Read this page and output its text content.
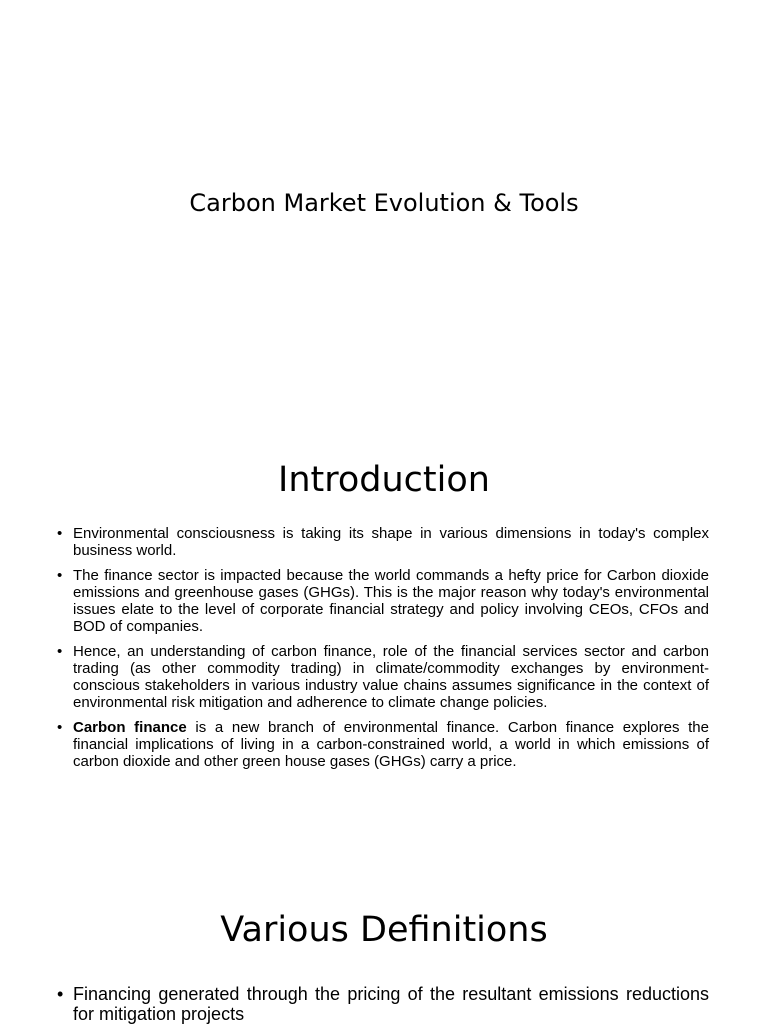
Carbon Market Evolution & Tools
Introduction
• Environmental consciousness is taking its shape in various dimensions in today's complex business world.
• The finance sector is impacted because the world commands a hefty price for Carbon dioxide emissions and greenhouse gases (GHGs). This is the major reason why today's environmental issues elate to the level of corporate financial strategy and policy involving CEOs, CFOs and BOD of companies.
• Hence, an understanding of carbon finance, role of the financial services sector and carbon trading (as other commodity trading) in climate/commodity exchanges by environment-conscious stakeholders in various industry value chains assumes significance in the context of environmental risk mitigation and adherence to climate change policies.
• Carbon finance is a new branch of environmental finance. Carbon finance explores the financial implications of living in a carbon-constrained world, a world in which emissions of carbon dioxide and other green house gases (GHGs) carry a price.
Various Definitions
• Financing generated through the pricing of the resultant emissions reductions for mitigation projects
